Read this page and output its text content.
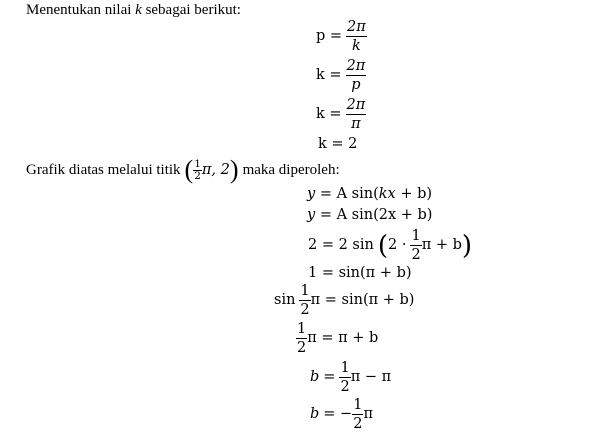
Menentukan nilai k sebagai berikut:
$p = \frac{2\pi}{k}$
$k = \frac{2\pi}{p}$
$k = \frac{2\pi}{\pi}$
k = 2
Grafik diatas melalui titik ( $\frac{1}{2} \pi$, 2 ) maka diperoleh:
y = A sin(kx + b)
y = A sin(2x + b)
2 = 2 sin ( $2 \cdot \frac{1}{2}$ π + b )
1 = sin(π + b)
$\sin \frac{1}{2}$ π = sin(π + b)
$\frac{1}{2}$ π = π + b
$b = \frac{1}{2}$ π − π
b = − $\frac{1}{2}$ π
